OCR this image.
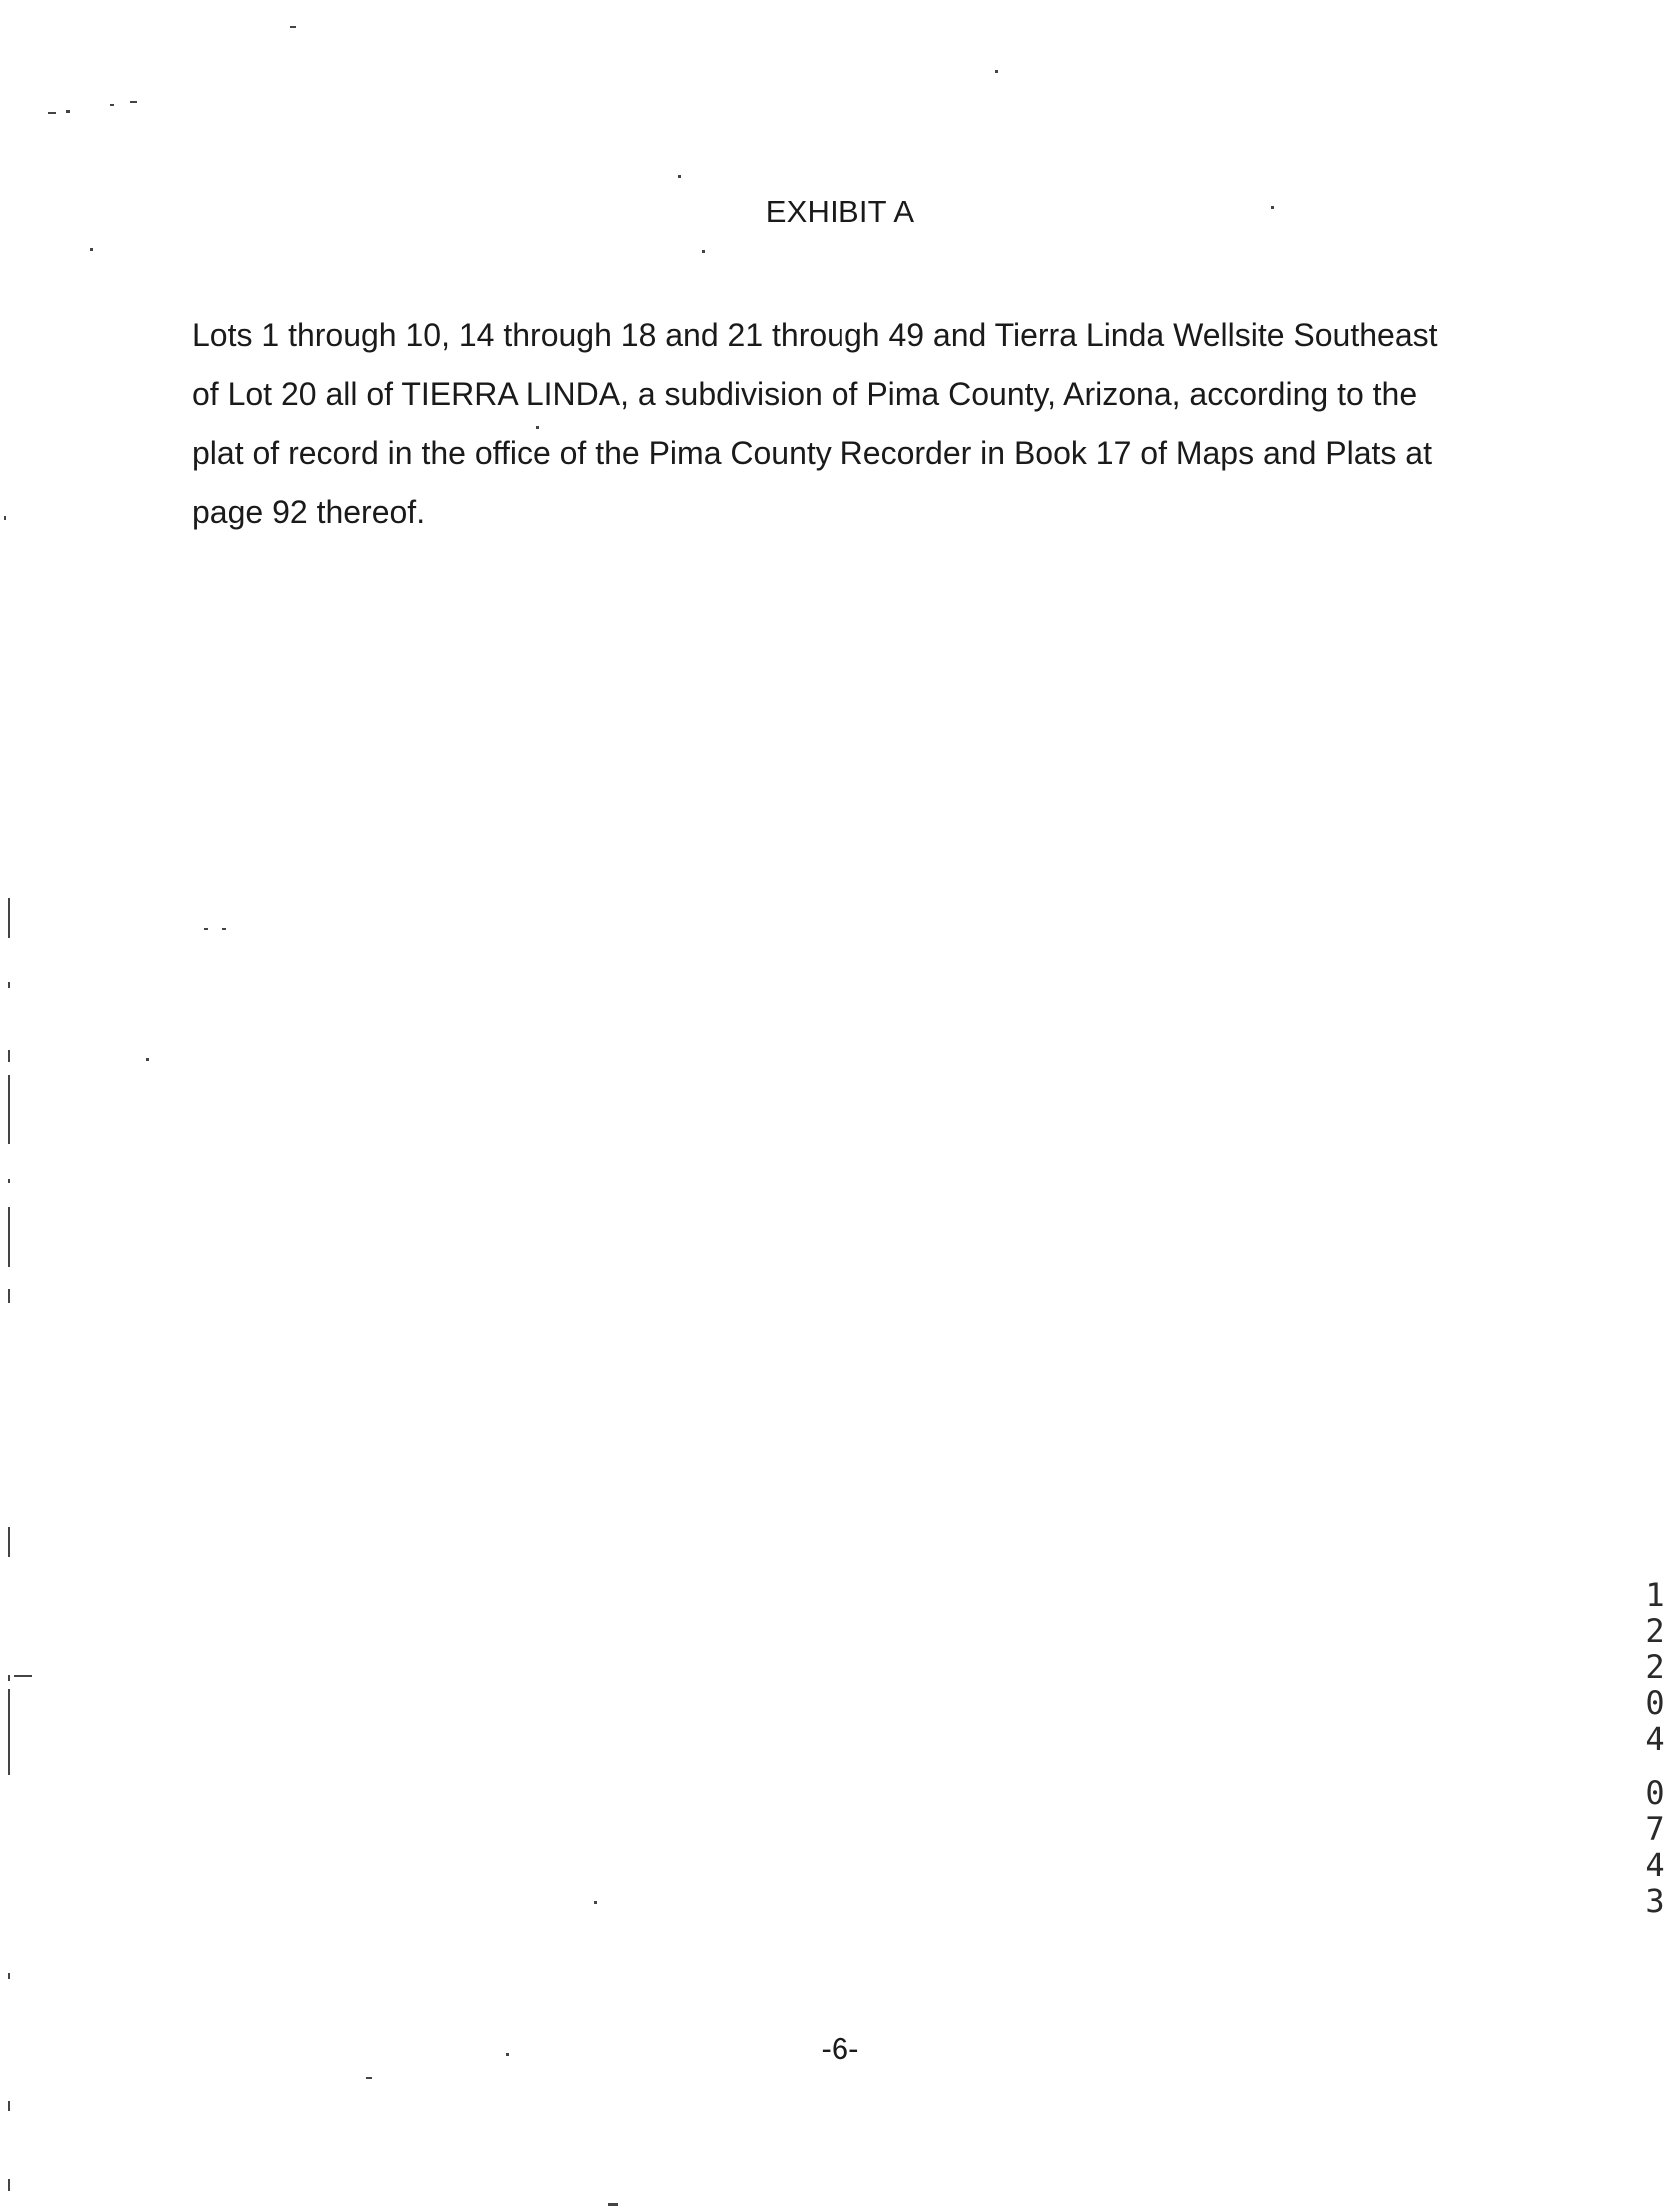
EXHIBIT A
Lots 1 through 10, 14 through 18 and 21 through 49 and Tierra Linda Wellsite Southeast
of Lot 20 all of TIERRA LINDA, a subdivision of Pima County, Arizona, according to the
plat of record in the office of the Pima County Recorder in Book 17 of Maps and Plats at
page 92 thereof.
1
2
2
0
4
0
7
4
3
-6-
